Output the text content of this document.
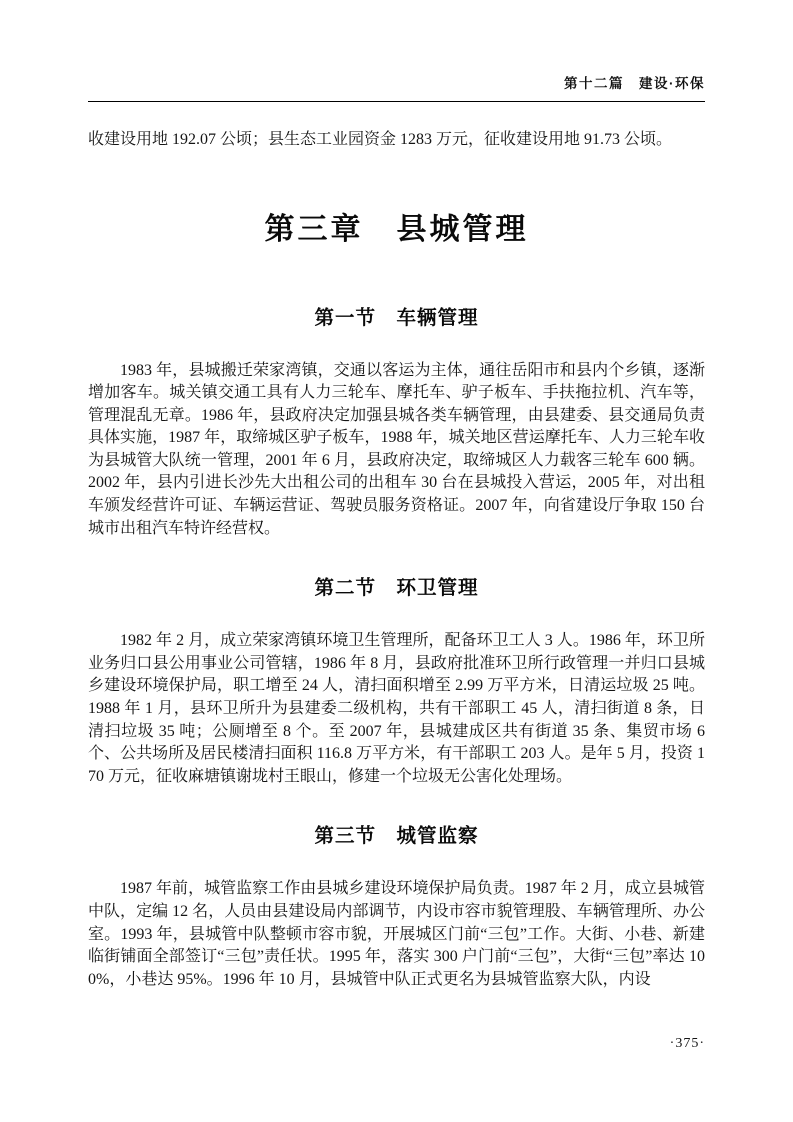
第十二篇　建设·环保

收建设用地 192.07 公顷；县生态工业园资金 1283 万元，征收建设用地 91.73 公顷。

第三章　县城管理
第一节　车辆管理

1983 年，县城搬迁荣家湾镇，交通以客运为主体，通往岳阳市和县内个乡镇，逐渐增加客车。城关镇交通工具有人力三轮车、摩托车、驴子板车、手扶拖拉机、汽车等，管理混乱无章。1986 年，县政府决定加强县城各类车辆管理，由县建委、县交通局负责具体实施，1987 年，取缔城区驴子板车，1988 年，城关地区营运摩托车、人力三轮车收为县城管大队统一管理，2001 年 6 月，县政府决定，取缔城区人力载客三轮车 600 辆。2002 年，县内引进长沙先大出租公司的出租车 30 台在县城投入营运，2005 年，对出租车颁发经营许可证、车辆运营证、驾驶员服务资格证。2007 年，向省建设厅争取 150 台城市出租汽车特许经营权。

第二节　环卫管理

1982 年 2 月，成立荣家湾镇环境卫生管理所，配备环卫工人 3 人。1986 年，环卫所业务归口县公用事业公司管辖，1986 年 8 月，县政府批准环卫所行政管理一并归口县城乡建设环境保护局，职工增至 24 人，清扫面积增至 2.99 万平方米，日清运垃圾 25 吨。1988 年 1 月，县环卫所升为县建委二级机构，共有干部职工 45 人，清扫街道 8 条，日清扫垃圾 35 吨；公厕增至 8 个。至 2007 年，县城建成区共有街道 35 条、集贸市场 6 个、公共场所及居民楼清扫面积 116.8 万平方米，有干部职工 203 人。是年 5 月，投资 170 万元，征收麻塘镇谢垅村王眼山，修建一个垃圾无公害化处理场。

第三节　城管监察

1987 年前，城管监察工作由县城乡建设环境保护局负责。1987 年 2 月，成立县城管中队，定编 12 名，人员由县建设局内部调节，内设市容市貌管理股、车辆管理所、办公室。1993 年，县城管中队整顿市容市貌，开展城区门前“三包”工作。大街、小巷、新建临街铺面全部签订“三包”责任状。1995 年，落实 300 户门前“三包”，大街“三包”率达 100%，小巷达 95%。1996 年 10 月，县城管中队正式更名为县城管监察大队，内设

·375·
